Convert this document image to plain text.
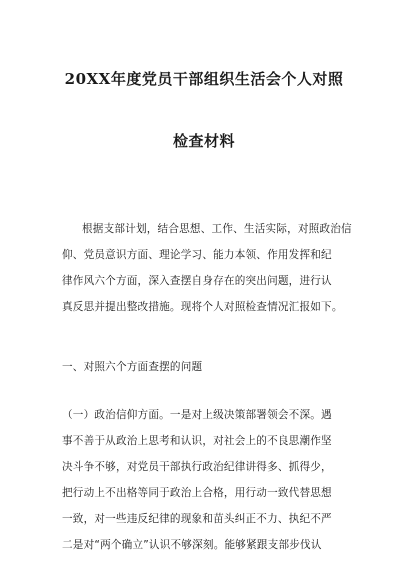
20XX年度党员干部组织生活会个人对照
检查材料
根据支部计划，结合思想、工作、生活实际，对照政治信
仰、党员意识方面、理论学习、能力本领、作用发挥和纪
律作风六个方面，深入查摆自身存在的突出问题，进行认
真反思并提出整改措施。现将个人对照检查情况汇报如下。
一、对照六个方面查摆的问题
（一）政治信仰方面。一是对上级决策部署领会不深。遇
事不善于从政治上思考和认识，对社会上的不良思潮作坚
决斗争不够，对党员干部执行政治纪律讲得多、抓得少，
把行动上不出格等同于政治上合格，用行动一致代替思想
一致，对一些违反纪律的现象和苗头纠正不力、执纪不严
二是对“两个确立”认识不够深刻。能够紧跟支部步伐认
